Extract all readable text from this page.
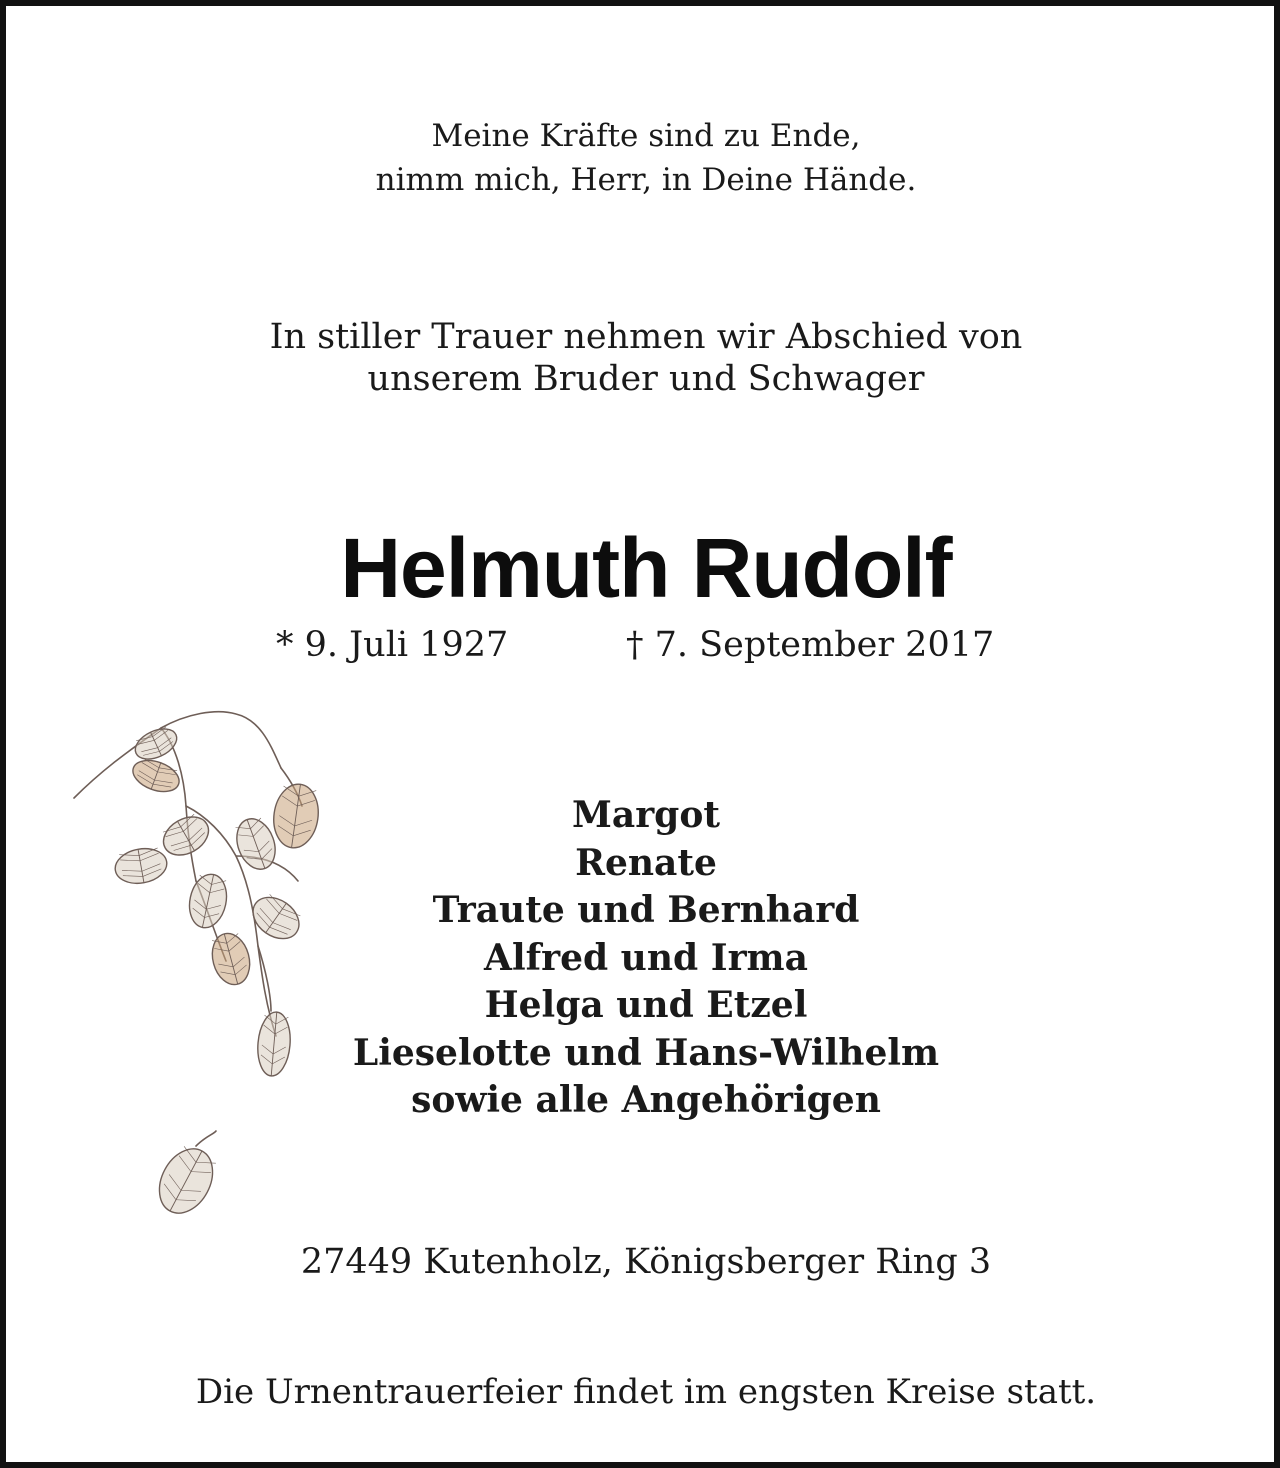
Meine Kräfte sind zu Ende,
nimm mich, Herr, in Deine Hände.
In stiller Trauer nehmen wir Abschied von
unserem Bruder und Schwager
Helmuth Rudolf
* 9. Juli 1927	† 7. September 2017
Margot
Renate
Traute und Bernhard
Alfred und Irma
Helga und Etzel
Lieselotte und Hans-Wilhelm
sowie alle Angehörigen
27449 Kutenholz, Königsberger Ring 3
Die Urnentrauerfeier findet im engsten Kreise statt.
